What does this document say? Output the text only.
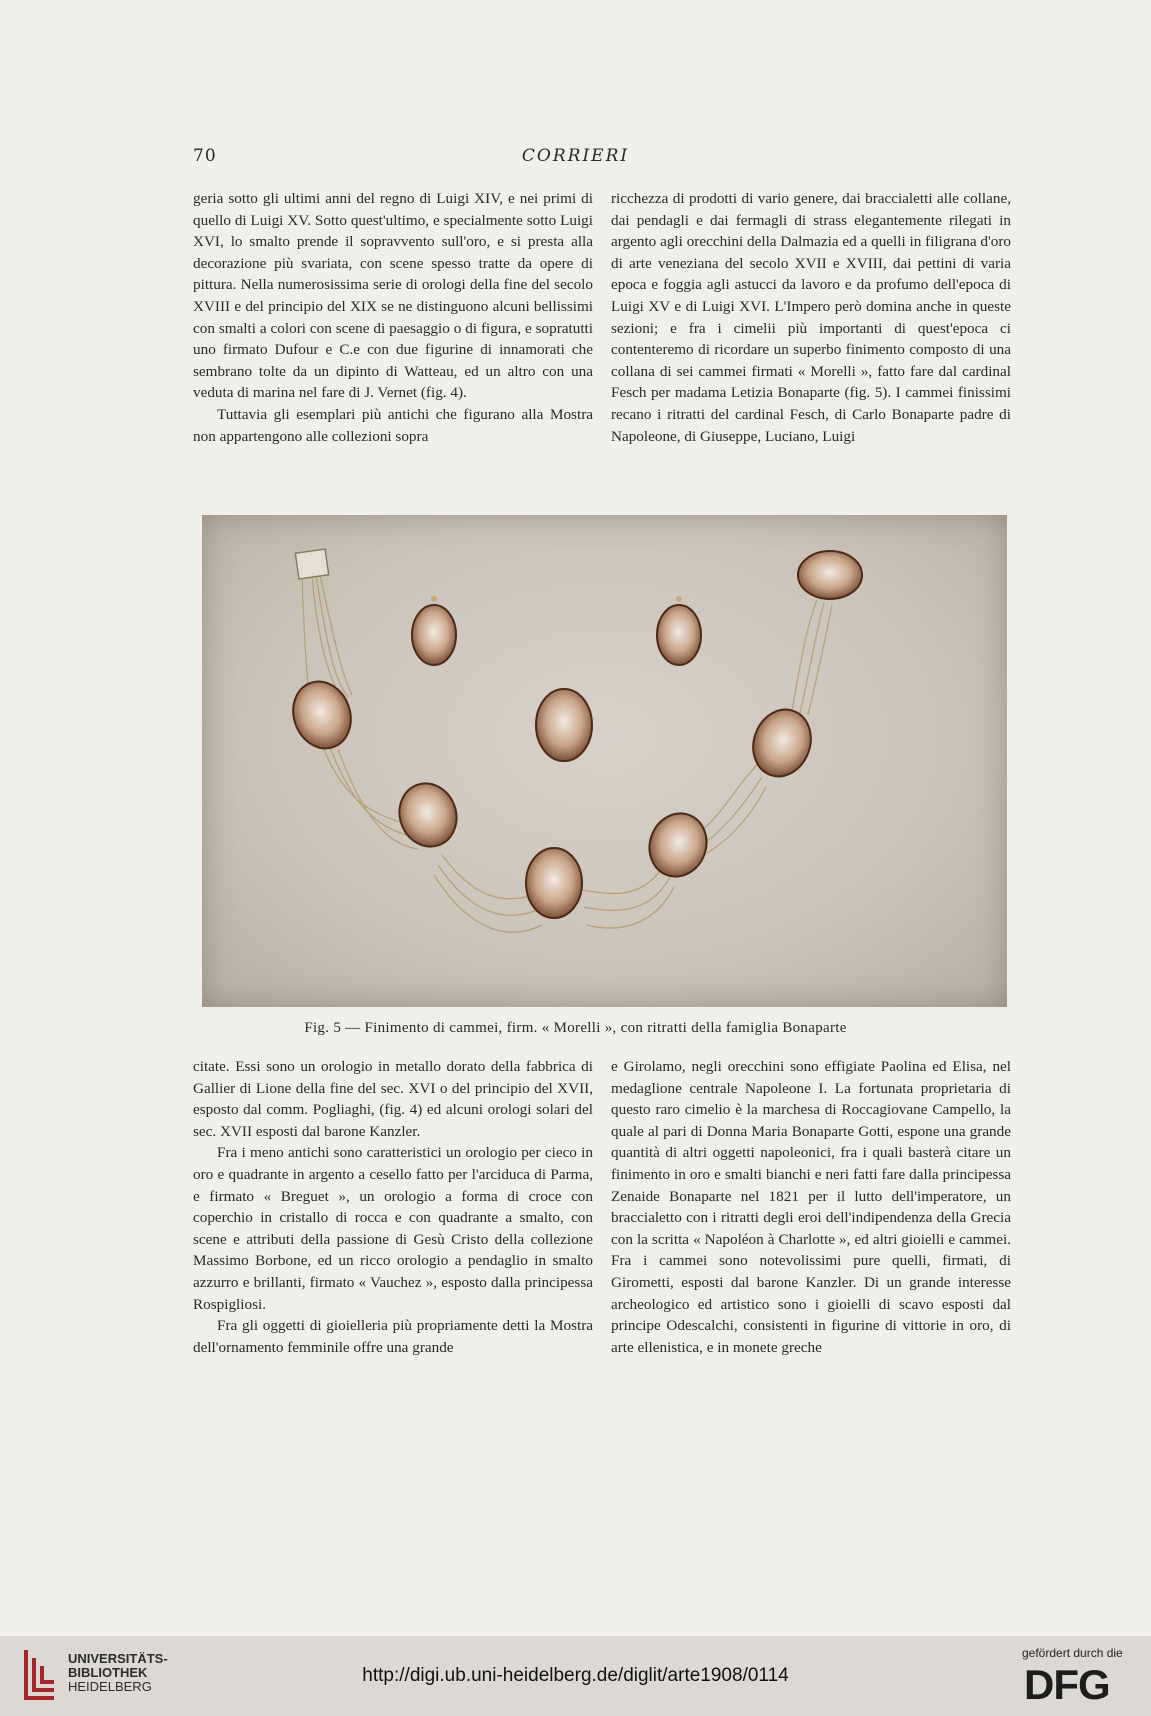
70	CORRIERI

geria sotto gli ultimi anni del regno di Luigi XIV, e nei primi di quello di Luigi XV. Sotto quest'ultimo, e specialmente sotto Luigi XVI, lo smalto prende il sopravvento sull'oro, e si presta alla decorazione più svariata, con scene spesso tratte da opere di pittura. Nella numerosissima serie di orologi della fine del secolo XVIII e del principio del XIX se ne distinguono alcuni bellissimi con smalti a colori con scene di paesaggio o di figura, e sopratutti uno firmato Dufour e C.e con due figurine di innamorati che sembrano tolte da un dipinto di Watteau, ed un altro con una veduta di marina nel fare di J. Vernet (fig. 4).

Tuttavia gli esemplari più antichi che figurano alla Mostra non appartengono alle collezioni sopra

ricchezza di prodotti di vario genere, dai braccialetti alle collane, dai pendagli e dai fermagli di strass elegantemente rilegati in argento agli orecchini della Dalmazia ed a quelli in filigrana d'oro di arte veneziana del secolo XVII e XVIII, dai pettini di varia epoca e foggia agli astucci da lavoro e da profumo dell'epoca di Luigi XV e di Luigi XVI. L'Impero però domina anche in queste sezioni; e fra i cimelii più importanti di quest'epoca ci contenteremo di ricordare un superbo finimento composto di una collana di sei cammei firmati « Morelli », fatto fare dal cardinal Fesch per madama Letizia Bonaparte (fig. 5). I cammei finissimi recano i ritratti del cardinal Fesch, di Carlo Bonaparte padre di Napoleone, di Giuseppe, Luciano, Luigi

Fig. 5 — Finimento di cammei, firm. « Morelli », con ritratti della famiglia Bonaparte

citate. Essi sono un orologio in metallo dorato della fabbrica di Gallier di Lione della fine del sec. XVI o del principio del XVII, esposto dal comm. Pogliaghi, (fig. 4) ed alcuni orologi solari del sec. XVII esposti dal barone Kanzler.

Fra i meno antichi sono caratteristici un orologio per cieco in oro e quadrante in argento a cesello fatto per l'arciduca di Parma, e firmato « Breguet », un orologio a forma di croce con coperchio in cristallo di rocca e con quadrante a smalto, con scene e attributi della passione di Gesù Cristo della collezione Massimo Borbone, ed un ricco orologio a pendaglio in smalto azzurro e brillanti, firmato « Vauchez », esposto dalla principessa Rospigliosi.

Fra gli oggetti di gioielleria più propriamente detti la Mostra dell'ornamento femminile offre una grande

e Girolamo, negli orecchini sono effigiate Paolina ed Elisa, nel medaglione centrale Napoleone I. La fortunata proprietaria di questo raro cimelio è la marchesa di Roccagiovane Campello, la quale al pari di Donna Maria Bonaparte Gotti, espone una grande quantità di altri oggetti napoleonici, fra i quali basterà citare un finimento in oro e smalti bianchi e neri fatti fare dalla principessa Zenaide Bonaparte nel 1821 per il lutto dell'imperatore, un braccialetto con i ritratti degli eroi dell'indipendenza della Grecia con la scritta « Napoléon à Charlotte », ed altri gioielli e cammei. Fra i cammei sono notevolissimi pure quelli, firmati, di Girometti, esposti dal barone Kanzler. Di un grande interesse archeologico ed artistico sono i gioielli di scavo esposti dal principe Odescalchi, consistenti in figurine di vittorie in oro, di arte ellenistica, e in monete greche

UNIVERSITÄTS-
BIBLIOTHEK
HEIDELBERG
http://digi.ub.uni-heidelberg.de/diglit/arte1908/0114
gefördert durch die
DFG
